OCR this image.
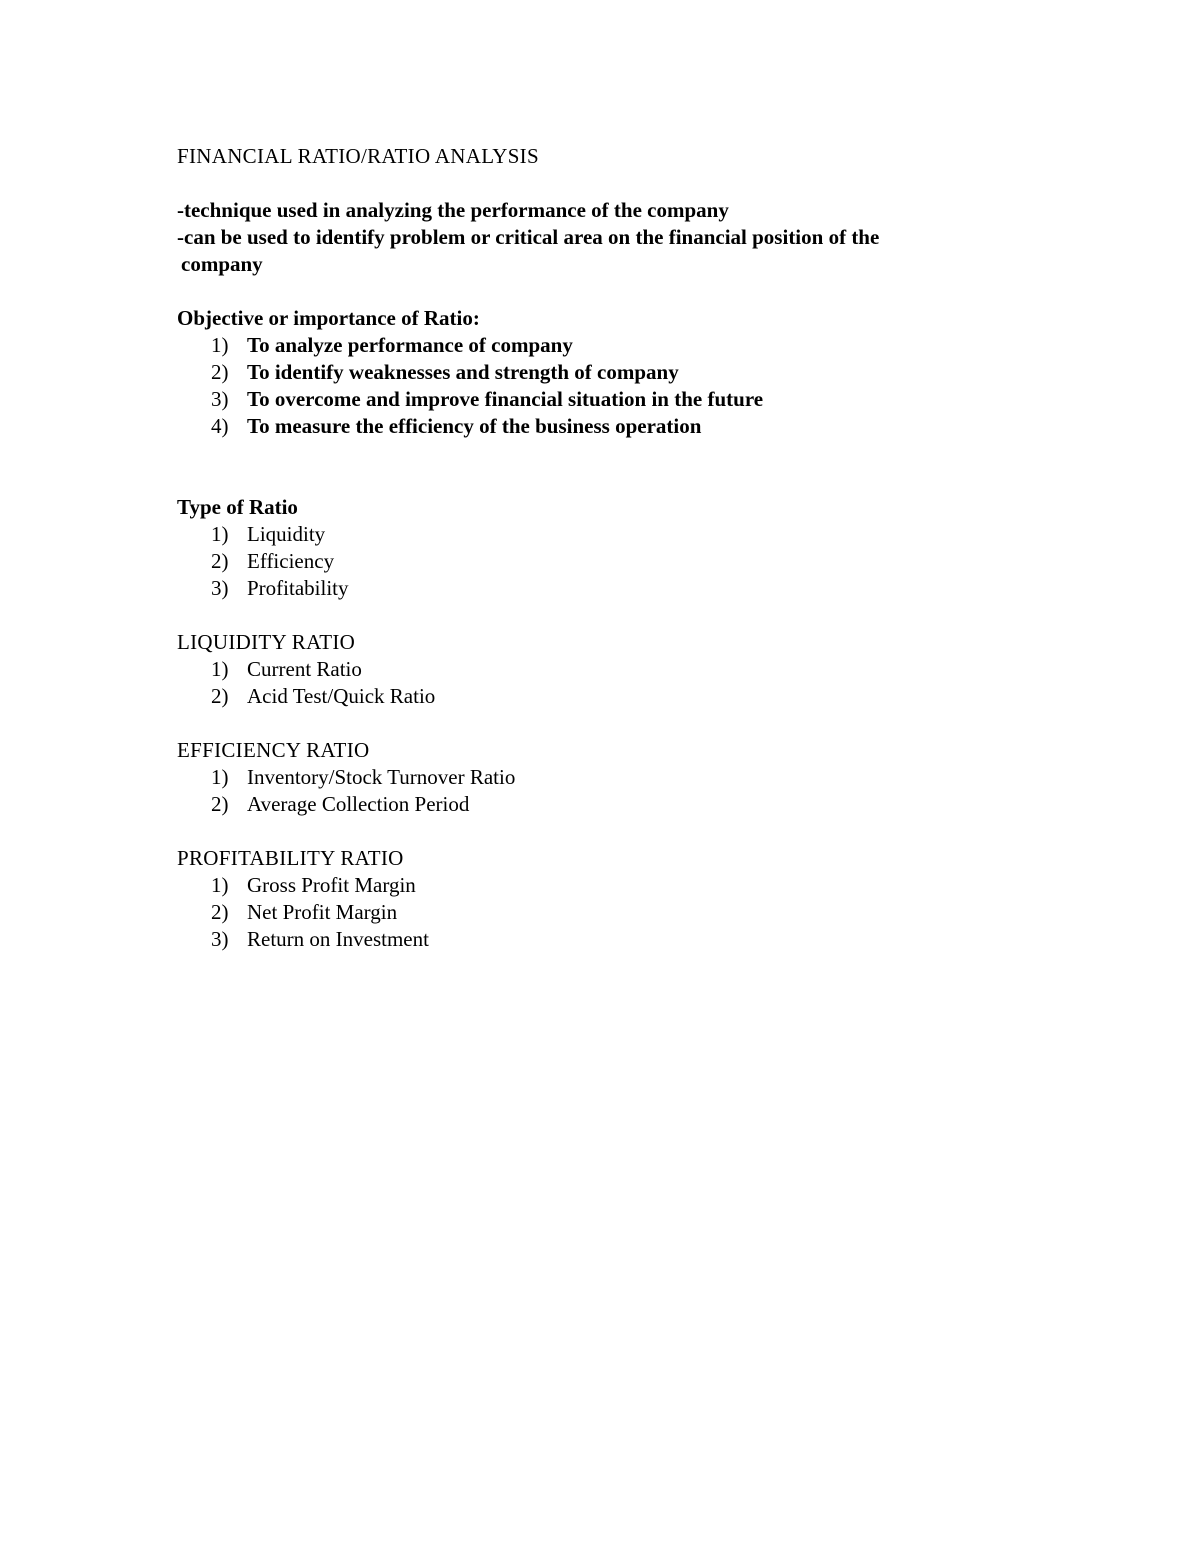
FINANCIAL RATIO/RATIO ANALYSIS

-technique used in analyzing the performance of the company

-can be used to identify problem or critical area on the financial position of the

company

Objective or importance of Ratio:

1) To analyze performance of company
2) To identify weaknesses and strength of company
3) To overcome and improve financial situation in the future
4) To measure the efficiency of the business operation

Type of Ratio

1) Liquidity
2) Efficiency
3) Profitability

LIQUIDITY RATIO

1) Current Ratio
2) Acid Test/Quick Ratio

EFFICIENCY RATIO

1) Inventory/Stock Turnover Ratio
2) Average Collection Period

PROFITABILITY RATIO

1) Gross Profit Margin
2) Net Profit Margin
3) Return on Investment
